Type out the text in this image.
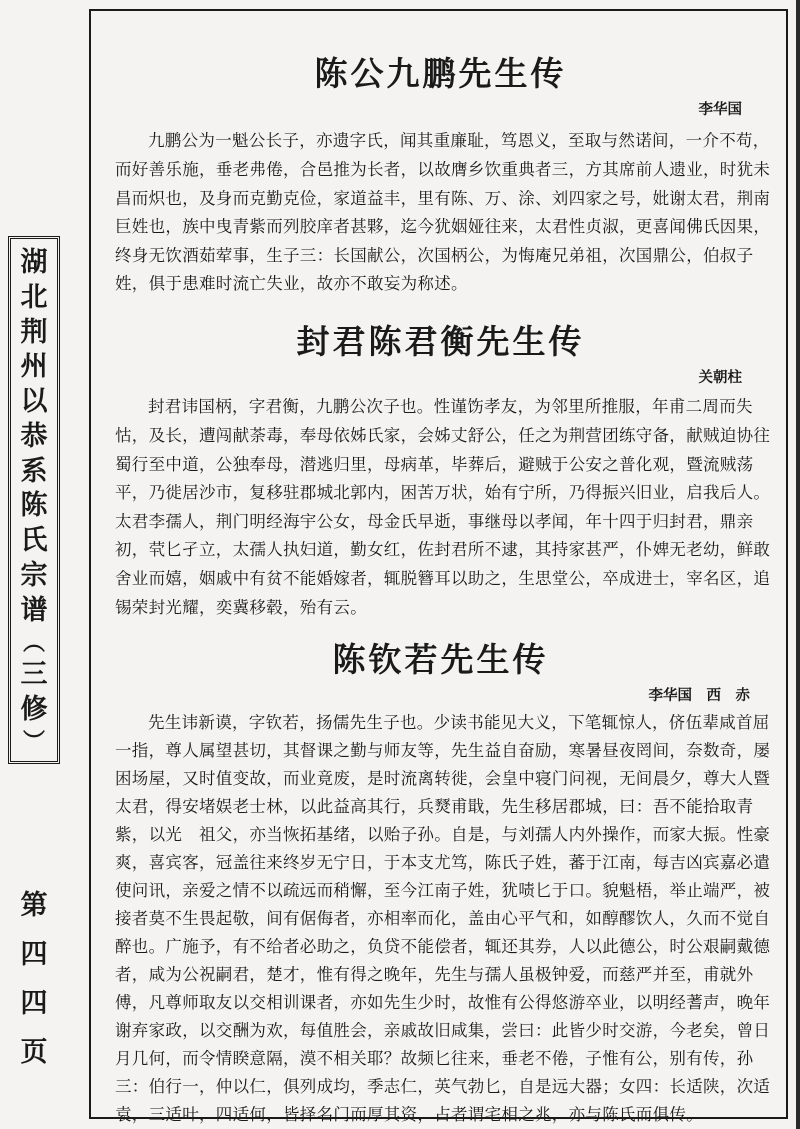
湖
北
荆
州
以
恭
系
陈
氏
宗
谱
︵
三
修
︶
第
四
四
页
陈公九鹏先生传

李华国

九鹏公为一魁公长子，亦遗字氏，闻其重廉耻，笃恩义，至取与然诺间，一介不苟，
而好善乐施，垂老弗倦，合邑推为长者，以故膺乡饮重典者三，方其席前人遗业，时犹未
昌而炽也，及身而克勤克俭，家道益丰，里有陈、万、涂、刘四家之号，妣谢太君，荆南
巨姓也，族中曳青紫而列胶庠者甚夥，迄今犹姻娅往来，太君性贞淑，更喜闻佛氏因果，
终身无饮酒茹荤事，生子三：长国献公，次国柄公，为悔庵兄弟祖，次国鼎公，伯叔子
姓，俱于患难时流亡失业，故亦不敢妄为称述。
封君陈君衡先生传

关朝柱

封君讳国柄，字君衡，九鹏公次子也。性谨饬孝友，为邻里所推服，年甫二周而失
怙，及长，遭闯献荼毒，奉母依姊氏家，会姊丈舒公，任之为荆营团练守备，献贼迫协往
蜀行至中道，公独奉母，潜逃归里，母病革，毕葬后，避贼于公安之普化观，暨流贼荡
平，乃徙居沙市，复移驻郡城北郭内，困苦万状，始有宁所，乃得振兴旧业，启我后人。
太君李孺人，荆门明经海宇公女，母金氏早逝，事继母以孝闻，年十四于归封君，鼎亲
初，茕匕孑立，太孺人执妇道，勤女红，佐封君所不逮，其持家甚严，仆婢无老幼，鲜敢
舍业而嬉，姻戚中有贫不能婚嫁者，辄脱簪耳以助之，生思堂公，卒成进士，宰名区，追
锡荣封光耀，奕冀移毂，殆有云。
陈钦若先生传

李华国　西　赤

先生讳新谟，字钦若，扬儒先生子也。少读书能见大义，下笔辄惊人，侪伍辈咸首屈
一指，尊人属望甚切，其督课之勤与师友等，先生益自奋励，寒暑昼夜罔间，奈数奇，屡
困场屋，又时值变故，而业竟废，是时流离转徙，会皇中寝门问视，无间晨夕，尊大人暨
太君，得安堵娱老士林，以此益高其行，兵燹甫戢，先生移居郡城，曰：吾不能拾取青
紫，以光　祖父，亦当恢拓基绪，以贻子孙。自是，与刘孺人内外操作，而家大振。性豪
爽，喜宾客，冠盖往来终岁无宁日，于本支尤笃，陈氏子姓，蕃于江南，每吉凶宾嘉必遣
使问讯，亲爱之情不以疏远而稍懈，至今江南子姓，犹啧匕于口。貌魁梧，举止端严，被
接者莫不生畏起敬，间有倨侮者，亦相率而化，盖由心平气和，如醇醪饮人，久而不觉自
醉也。广施予，有不给者必助之，负贷不能偿者，辄还其券，人以此德公，时公艰嗣戴德
者，咸为公祝嗣君，楚才，惟有得之晚年，先生与孺人虽极钟爱，而慈严并至，甫就外
傅，凡尊师取友以交相训课者，亦如先生少时，故惟有公得悠游卒业，以明经蓍声，晚年
谢弃家政，以交酬为欢，每值胜会，亲戚故旧咸集，尝曰：此皆少时交游，今老矣，曾日
月几何，而令情睽意隔，漠不相关耶？故频匕往来，垂老不倦，子惟有公，别有传，孙
三：伯行一，仲以仁，俱列成均，季志仁，英气勃匕，自是远大器；女四：长适陕，次适
袁，三适叶，四适何，皆择名门而厚其资，占者谓宅相之兆，亦与陈氏而俱传。
